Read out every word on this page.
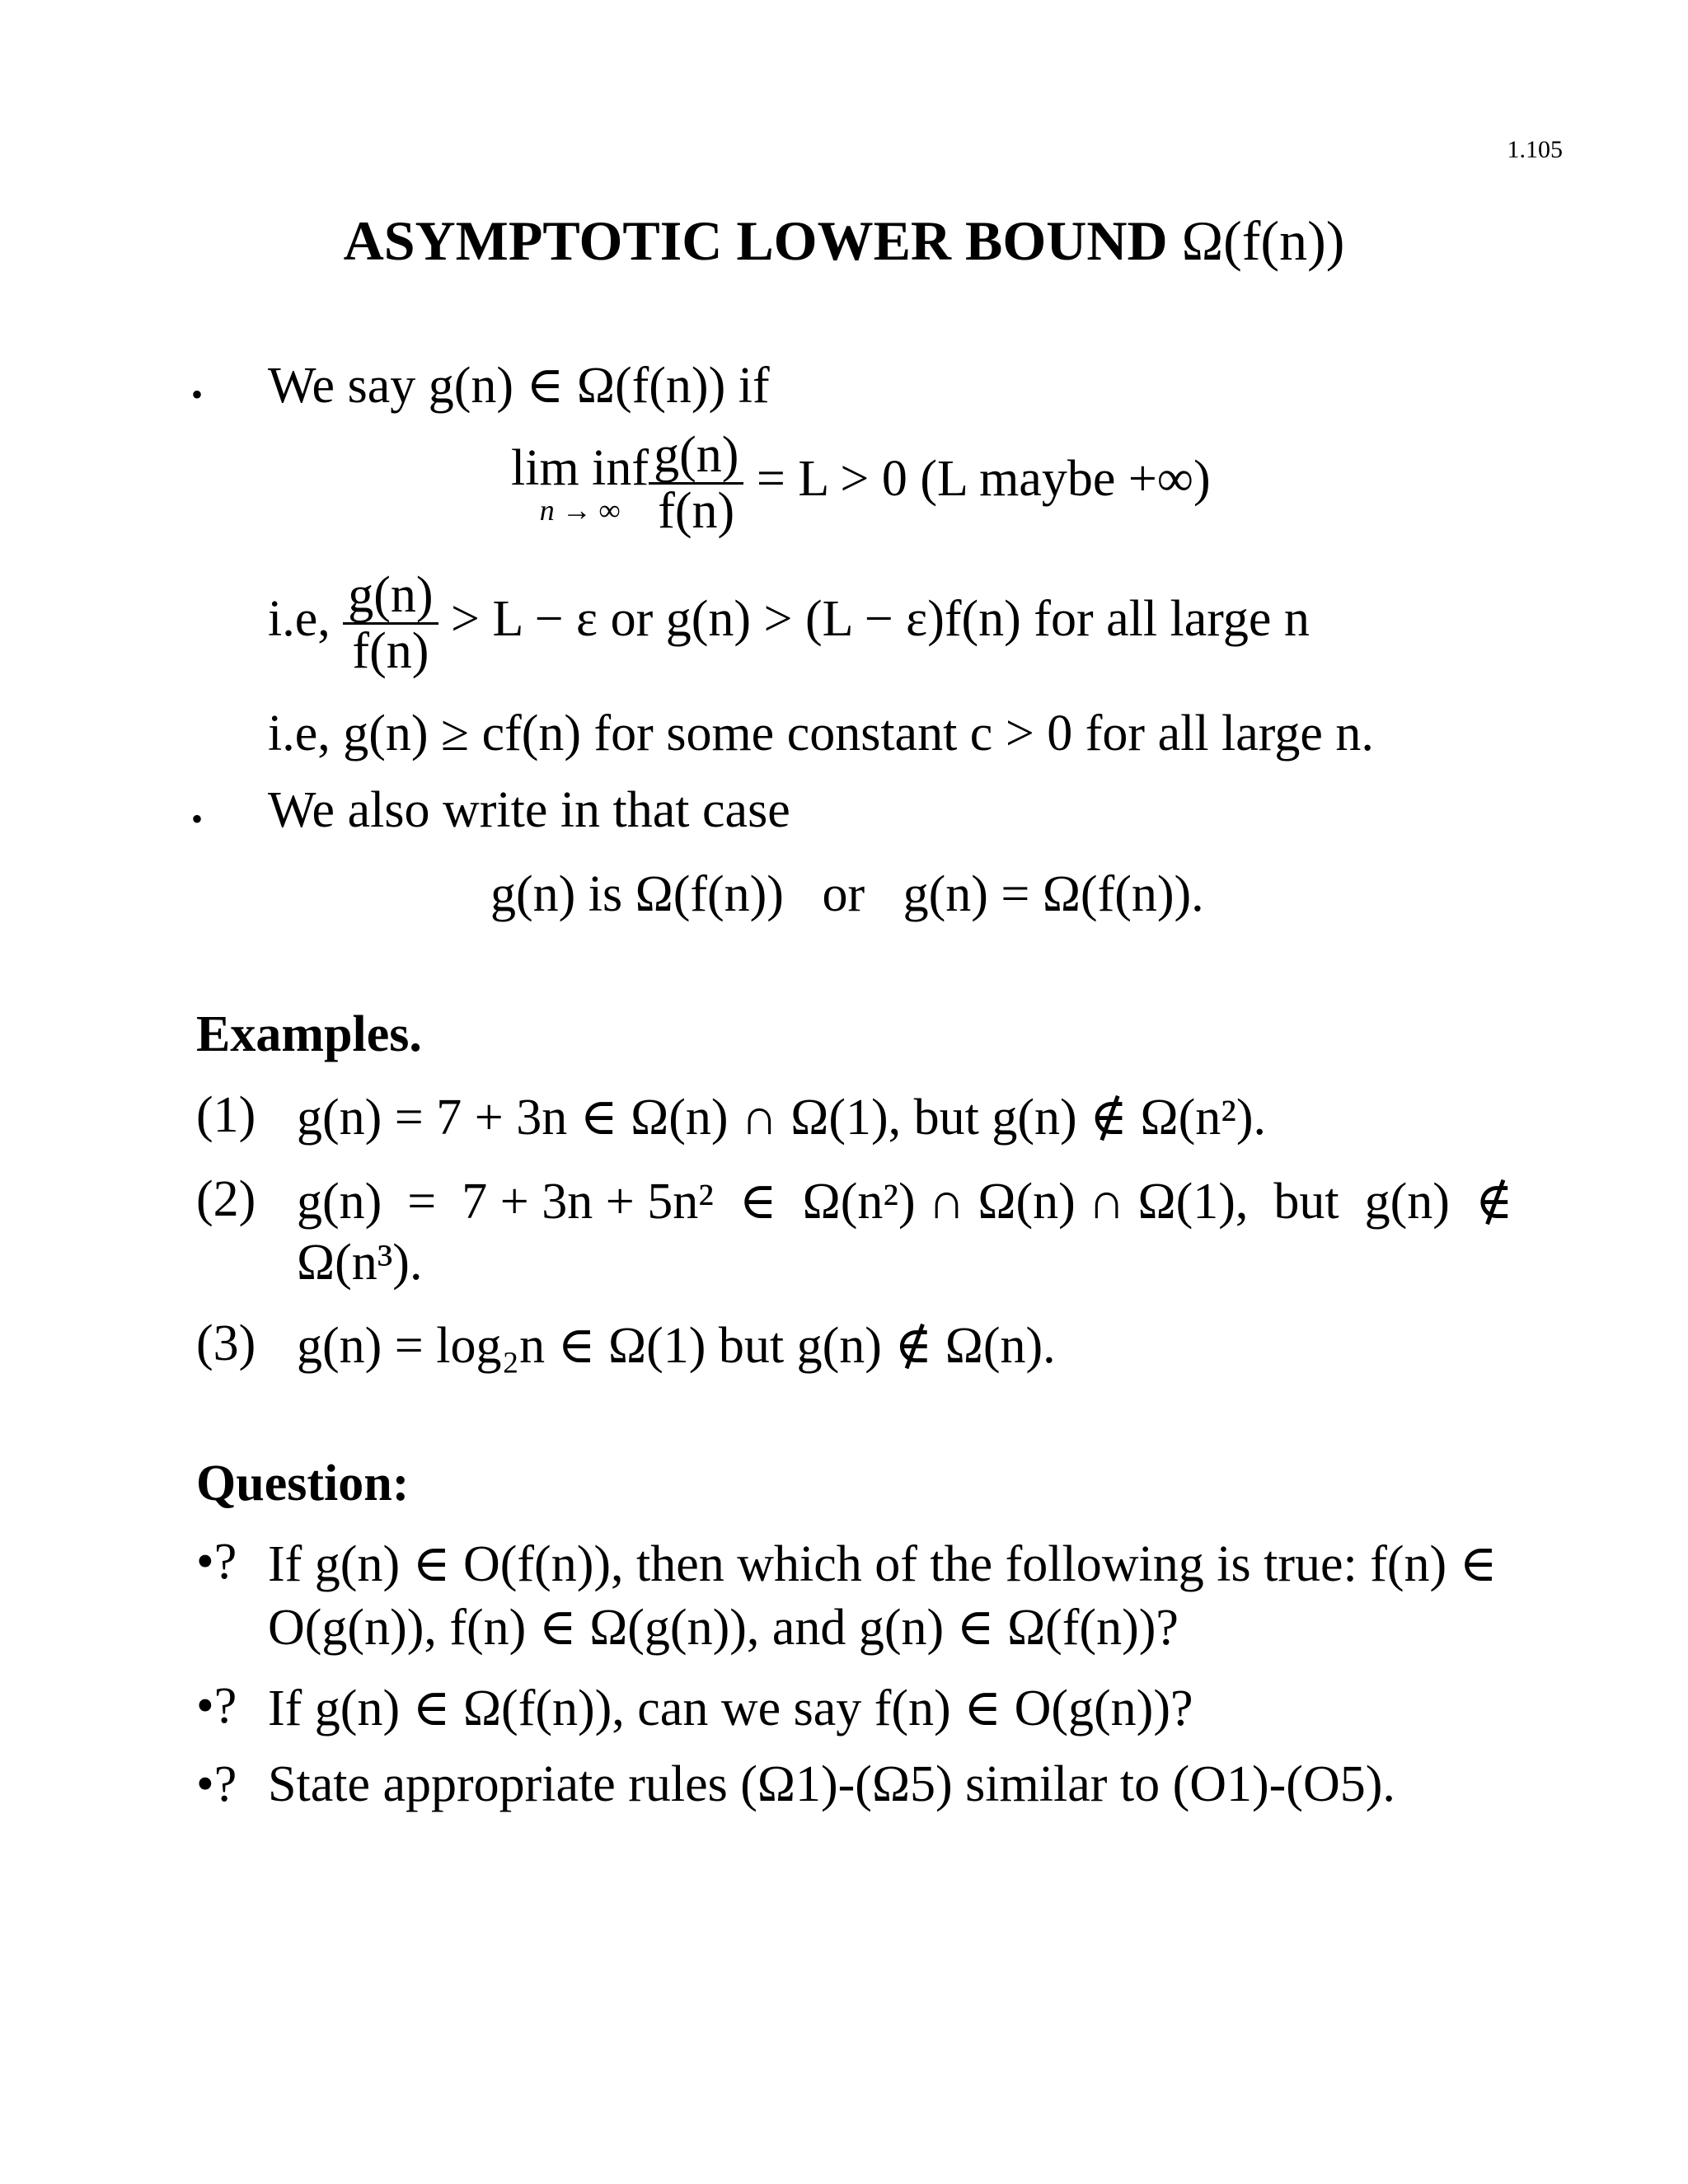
1.105
ASYMPTOTIC LOWER BOUND Ω(f(n))
• We say g(n) ∈ Ω(f(n)) if
lim inf
n → ∞ $\frac{g(n)}{f(n)} = L > 0$ (L maybe +∞)
i.e, $\frac{g(n)}{f(n)} > L - \varepsilon$ or g(n) > (L − ε)f(n) for all large n
i.e, g(n) ≥ cf(n) for some constant c > 0 for all large n.
• We also write in that case
g(n) is Ω(f(n))   or   g(n) = Ω(f(n)).
Examples.
(1) g(n) = 7 + 3n ∈ Ω(n) ∩ Ω(1), but g(n) ∉ Ω(n²).
(2) g(n)  =  7 + 3n + 5n²  ∈  Ω(n²) ∩ Ω(n) ∩ Ω(1),  but  g(n)  ∉
Ω(n³).
(3) g(n) = log₂n ∈ Ω(1) but g(n) ∉ Ω(n).
Question:
•? If g(n) ∈ O(f(n)), then which of the following is true: f(n) ∈
O(g(n)), f(n) ∈ Ω(g(n)), and g(n) ∈ Ω(f(n))?
•? If g(n) ∈ Ω(f(n)), can we say f(n) ∈ O(g(n))?
•? State appropriate rules (Ω1)-(Ω5) similar to (O1)-(O5).
